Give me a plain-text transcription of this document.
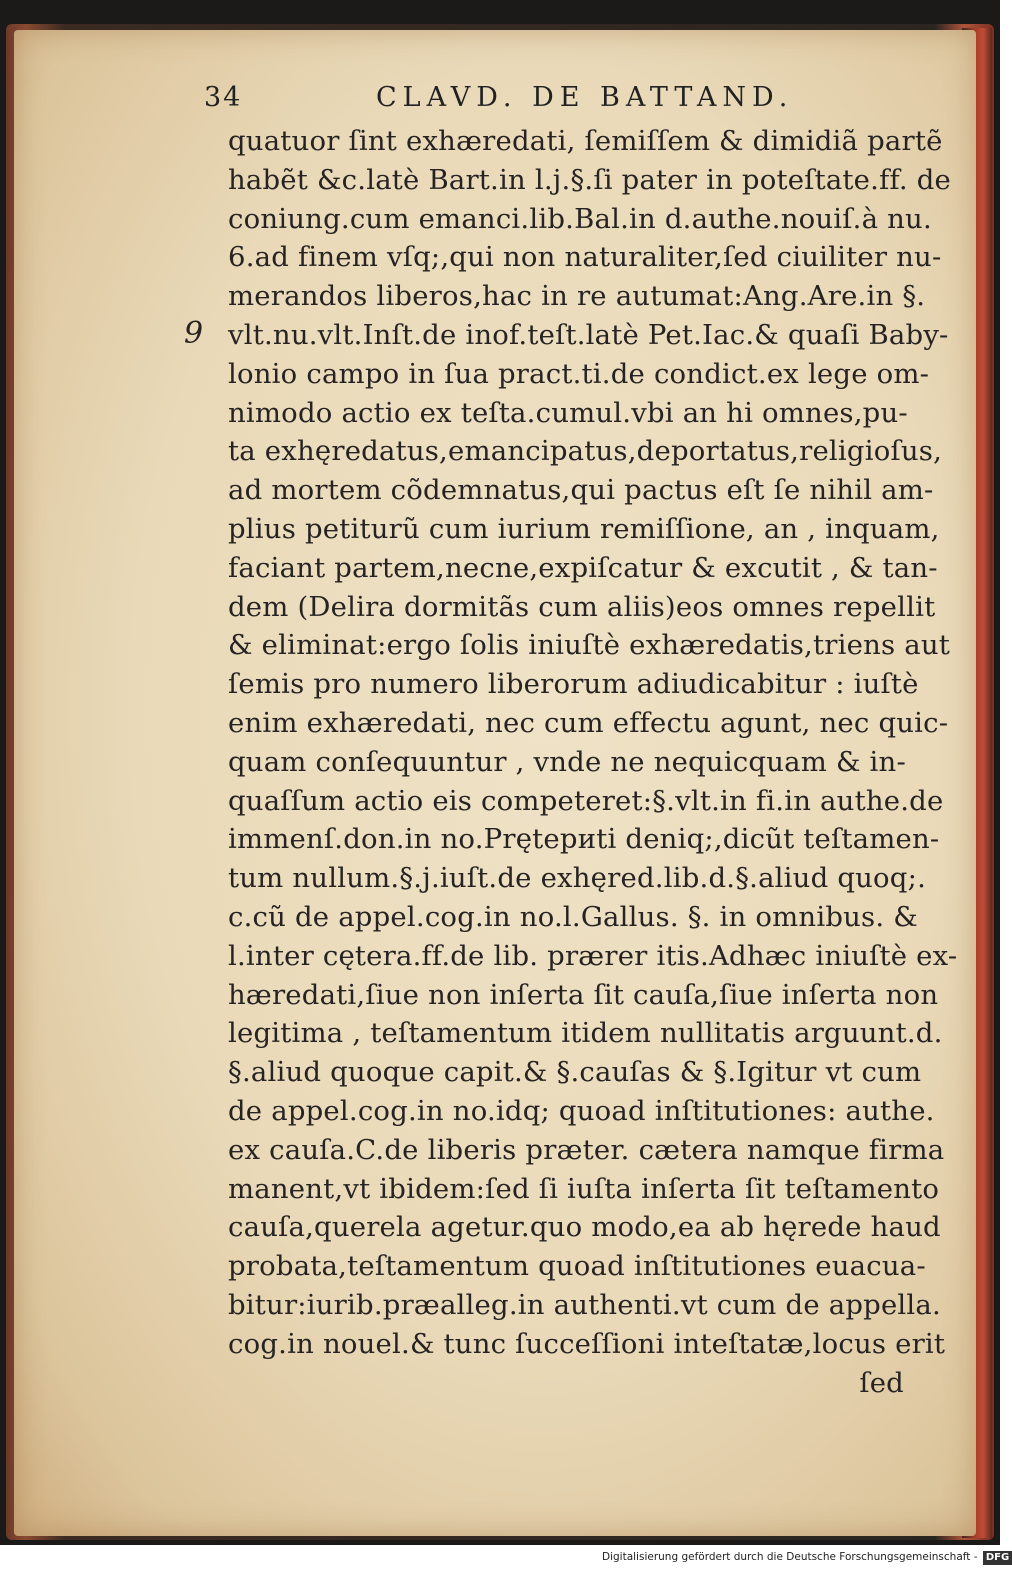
34	CLAVD. DE BATTAND.
9
quatuor ſint exhæredati, ſemiſſem & dimidiã partẽ
habẽt &c.latè Bart.in l.j.§.ſi pater in poteſtate.ff. de
coniung.cum emanci.lib.Bal.in d.authe.nouiſ.à nu.
6.ad finem vſq;,qui non naturaliter,ſed ciuiliter nu-
merandos liberos,hac in re autumat:Ang.Are.in §.
vlt.nu.vlt.Inſt.de inof.teſt.latè Pet.Iac.& quaſi Baby-
lonio campo in ſua pract.ti.de condict.ex lege om-
nimodo actio ex teſta.cumul.vbi an hi omnes,pu-
ta exhęredatus,emancipatus,deportatus,religioſus,
ad mortem cõdemnatus,qui pactus eſt ſe nihil am-
plius petiturũ cum iurium remiſſione, an , inquam,
faciant partem,necne,expiſcatur & excutit , & tan-
dem (Delira dormitãs cum aliis)eos omnes repellit
& eliminat:ergo ſolis iniuſtè exhæredatis,triens aut
ſemis pro numero liberorum adiudicabitur : iuſtè
enim exhæredati, nec cum effectu agunt, nec quic-
quam conſequuntur , vnde ne nequicquam & in-
quaſſum actio eis competeret:§.vlt.in fi.in authe.de
immenſ.don.in no.Prętериti deniq;,dicũt teſtamen-
tum nullum.§.j.iuſt.de exhęred.lib.d.§.aliud quoq;.
c.cũ de appel.cog.in no.l.Gallus. §. in omnibus. &
l.inter cętera.ff.de lib. prærer itis.Adhæc iniuſtè ex-
hæredati,ſiue non inſerta ſit cauſa,ſiue inſerta non
legitima , teſtamentum itidem nullitatis arguunt.d.
§.aliud quoque capit.& §.cauſas & §.Igitur vt cum
de appel.cog.in no.idq; quoad inſtitutiones: authe.
ex cauſa.C.de liberis præter. cætera namque firma
manent,vt ibidem:ſed ſi iuſta inſerta ſit teſtamento
cauſa,querela agetur.quo modo,ea ab hęrede haud
probata,teſtamentum quoad inſtitutiones euacua-
bitur:iurib.præalleg.in authenti.vt cum de appella.
cog.in nouel.& tunc ſucceſſioni inteſtatæ,locus erit
ſed
Digitalisierung gefördert durch die Deutsche Forschungsgemeinschaft - DFG
